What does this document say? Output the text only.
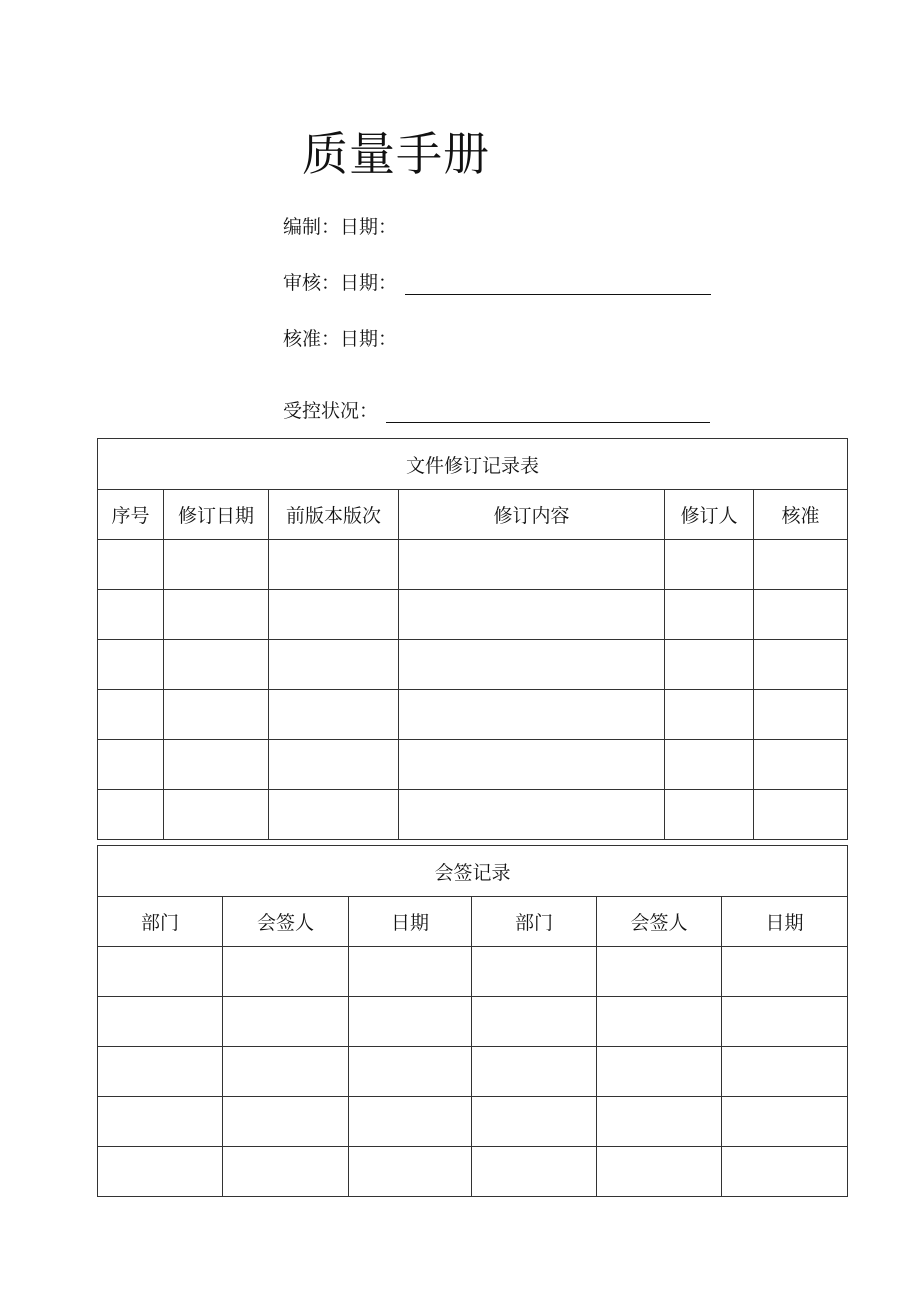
质量手册
编制：日期：
审核：日期：
核准：日期：
受控状况：
文件修订记录表					
序号	修订日期	前版本版次	修订内容	修订人	核准

会签记录					
部门	会签人	日期	部门	会签人	日期
